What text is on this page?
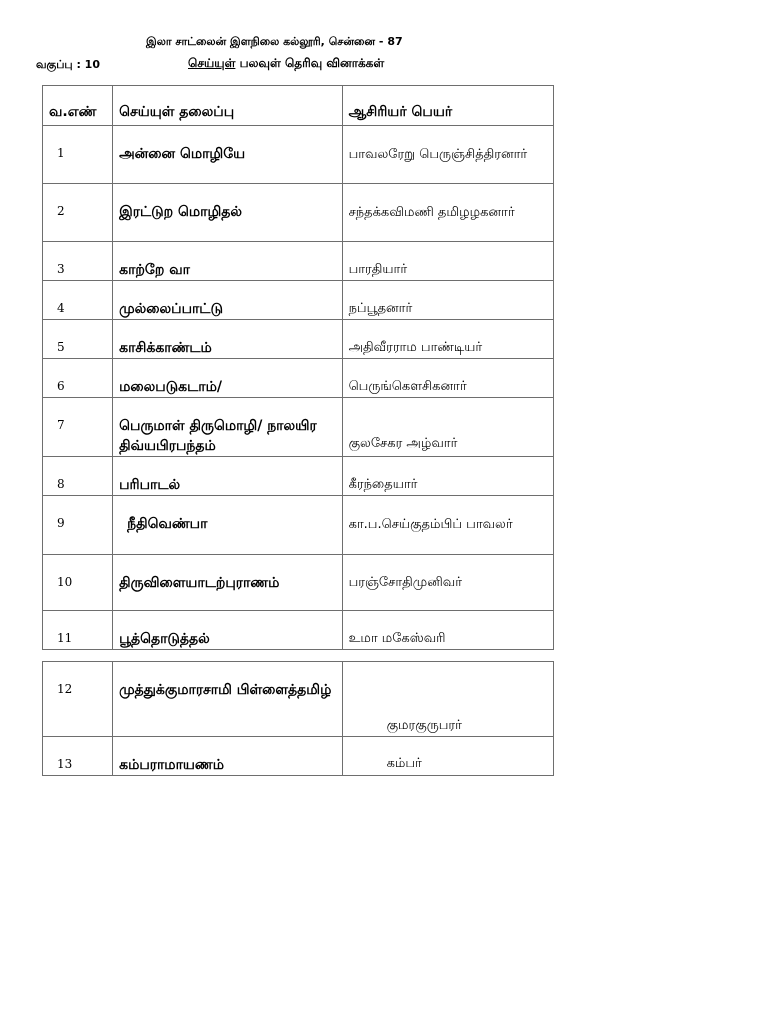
இலா சாட்லைன் இளநிலை கல்லூரி, சென்னை - 87
வகுப்பு : 10	செய்யுள் பலவுள் தெரிவு வினாக்கள்
வ.எண்	செய்யுள் தலைப்பு	ஆசிரியர் பெயர்

1	அன்னை மொழியே	பாவலரேறு பெருஞ்சித்திரனார்

2	இரட்டுற மொழிதல்	சந்தக்கவிமணி தமிழழகனார்

3	காற்றே வா	பாரதியார்

4	முல்லைப்பாட்டு	நப்பூதனார்

5	காசிக்காண்டம்	அதிவீரராம பாண்டியர்

6	மலைபடுகடாம்/	பெருங்கௌசிகனார்

7	பெருமாள் திருமொழி/ நாலயிர திவ்யபிரபந்தம்	குலசேகர அழ்வார்

8	பரிபாடல்	கீரந்தையார்

9	நீதிவெண்பா	கா.ப.செய்குதம்பிப் பாவலர்

10	திருவிளையாடற்புராணம்	பரஞ்சோதிமுனிவர்

11	பூத்தொடுத்தல்	உமா மகேஸ்வரி
12	முத்துக்குமாரசாமி பிள்ளைத்தமிழ்	குமரகுருபரர்

13	கம்பராமாயணம்	கம்பர்
